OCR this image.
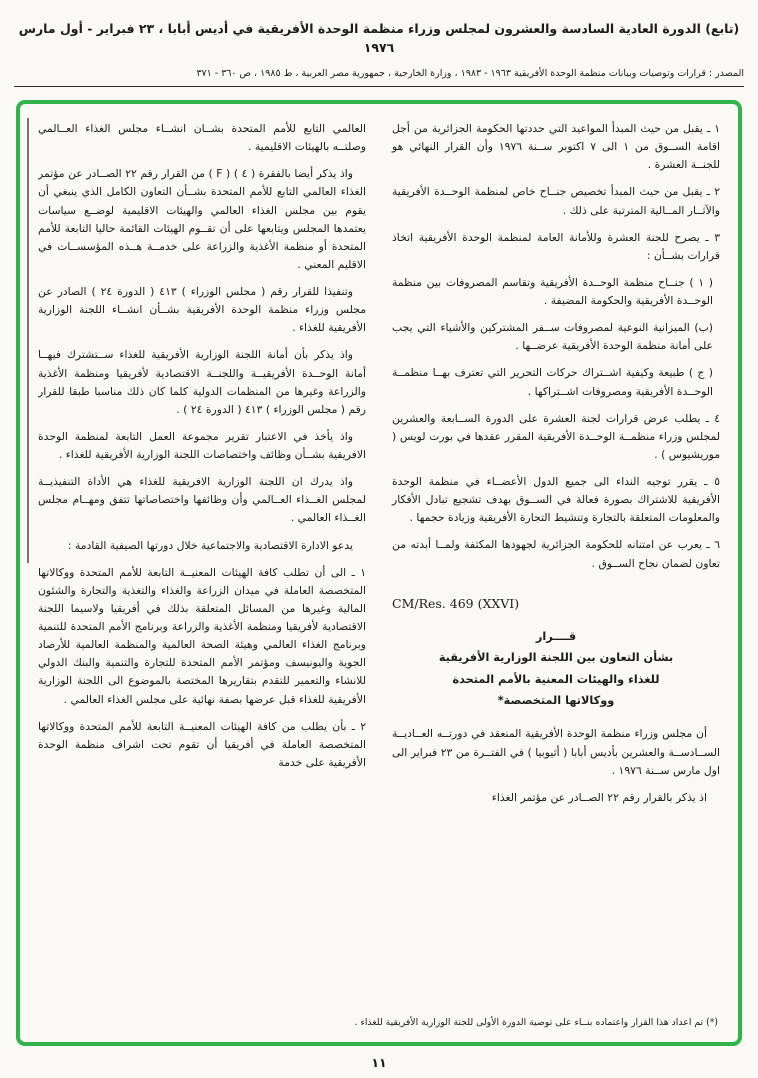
(تابع) الدورة العادية السادسة والعشرون لمجلس وزراء منظمة الوحدة الأفريقية في أديس أبابا ، ٢٣ فبراير - أول مارس ١٩٧٦
المصدر : قرارات وتوصيات وبيانات منظمة الوحدة الأفريقية ١٩٦٣ - ١٩٨٣ ، وزارة الخارجية ، جمهورية مصر العربية ، ط ١٩٨٥ ، ص ٣٦٠ - ٣٧١

١ ـ يقبل من حيث المبدأ المواعيد التي حددتها الحكومة الجزائرية من أجل اقامة الســوق من ١ الى ٧ اكتوبر ســنة ١٩٧٦ وأن القرار النهائي هو للجنــة العشرة .

٢ ـ يقبل من حيث المبدأ تخصيص جنــاح خاص لمنظمة الوحــدة الأفريقية والآثــار المــالية المترتبة على ذلك .

٣ ـ يصرح للجنة العشرة وللأمانة العامة لمنظمة الوحدة الأفريقية اتخاذ قرارات بشــأن :

( ١ ) جنــاح منظمة الوحــدة الأفريقية وتقاسم المصروفات بين منظمة الوحــدة الأفريقية والحكومة المضيفة .

(ب) الميزانية النوعية لمصروفات ســفر المشتركين والأشياء التي يجب على أمانة منظمة الوحدة الأفريقية عرضــها .

( ج ) طبيعة وكيفية اشــتراك حركات التحرير التي تعترف بهــا منظمــة الوحــدة الأفريقية ومصروفات اشــتراكها .

٤ ـ يطلب عرض قرارات لجنة العشرة على الدورة الســابعة والعشرين لمجلس وزراء منظمــة الوحــدة الأفريقية المقرر عقدها في بورت لويس ( موريشيوس ) .

٥ ـ يقرر توجيه النداء الى جميع الدول الأعضــاء في منظمة الوحدة الأفريقية للاشتراك بصورة فعالة في الســوق بهدف تشجيع تبادل الأفكار والمعلومات المتعلقة بالتجارة وتنشيط التجارة الأفريقية وزيادة حجمها .

٦ ـ يعرب عن امتنانه للحكومة الجزائرية لجهودها المكثفة ولمــا أبدته من تعاون لضمان نجاح الســوق .

CM/Res. 469 (XXVI)

قــــرار

بشأن التعاون بين اللجنة الوزارية الأفريقية

للغذاء والهيئات المعنية بالأمم المتحدة

ووكالاتها المتخصصة*

أن مجلس وزراء منظمة الوحدة الأفريقية المنعقد في دورتــه العــاديــة الســادســة والعشرين بأديس أبابا ( أثيوبيا ) في الفتــرة من ٢٣ فبراير الى اول مارس ســنة ١٩٧٦ .

اذ يذكر بالقرار رقم ٢٢ الصــادر عن مؤتمر الغذاء

العالمي التابع للأمم المتحدة بشــان انشــاء مجلس الغذاء العــالمي وصلتــه بالهيئات الاقليمية .

واذ يذكر أيضا بالفقرة ( ٤ ) ( F ) من القرار رقم ٢٢ الصــادر عن مؤتمر الغذاء العالمي التابع للأمم المتحدة بشــأن التعاون الكامل الذي ينبغي أن يقوم بين مجلس الغذاء العالمي والهيئات الاقليمية لوضــع سياسات يعتمدها المجلس ويتابعها على أن تقــوم الهيئات القائمة حاليا التابعة للأمم المتحدة أو منظمة الأغذية والزراعة على خدمــة هــذه المؤسســات في الاقليم المعني .

وتنفيذا للقرار رقم ( مجلس الوزراء ) ٤١٣ ( الدورة ٢٤ ) الصادر عن مجلس وزراء منظمة الوحدة الأفريقية بشــأن انشــاء اللجنة الوزارية الأفريقية للغذاء .

واذ يذكر بأن أمانة اللجنة الوزارية الأفريقية للغذاء ســتشترك فيهــا أمانة الوحــدة الأفريقيــة واللجنــة الاقتصادية لأفريقيا ومنظمة الأغذية والزراعة وغيرها من المنظمات الدولية كلما كان ذلك مناسبا طبقا للقرار رقم ( مجلس الوزراء ) ٤١٣ ( الدورة ٢٤ ) .

واذ يأخذ في الاعتبار تقرير مجموعة العمل التابعة لمنظمة الوحدة الافريقية بشــأن وظائف واختصاصات اللجنة الوزارية الأفريقية للغذاء .

واذ يدرك ان اللجنة الوزارية الافريقية للغذاء هي الأداة التنفيذيــة لمجلس الغــذاء العــالمي وأن وظائفها واختصاصاتها تتفق ومهــام مجلس الغــذاء العالمي .

يدعو الادارة الاقتصادية والاجتماعية خلال دورتها الصيفية القادمة :

١ ـ الى أن تطلب كافة الهيئات المعنيــة التابعة للأمم المتحدة ووكالاتها المتخصصة العاملة في ميدان الزراعة والغذاء والتغذية والتجارة والشئون المالية وغيرها من المسائل المتعلقة بذلك في أفريقيا ولاسيما اللجنة الاقتصادية لأفريقيا ومنظمة الأغذية والزراعة وبرنامج الأمم المتحدة للتنمية وبرنامج الغذاء العالمي وهيئة الصحة العالمية والمنظمة العالمية للأرصاد الجوية واليونيسف ومؤتمر الأمم المتحدة للتجارة والتنمية والبنك الدولي للانشاء والتعمير للتقدم بتقاريرها المختصة بالموضوع الى اللجنة الوزارية الأفريقية للغذاء قبل عرضها بصفة نهائية على مجلس الغذاء العالمي .

٢ ـ بأن يطلب من كافة الهيئات المعنيــة التابعة للأمم المتحدة ووكالاتها المتخصصة العاملة في أفريقيا أن تقوم تحت اشراف منظمة الوحدة الأفريقية على خدمة

(*) تم اعداد هذا القرار واعتماده بنــاء على توصية الدورة الأولى للجنة الوزارية الأفريقية للغذاء .
١١
